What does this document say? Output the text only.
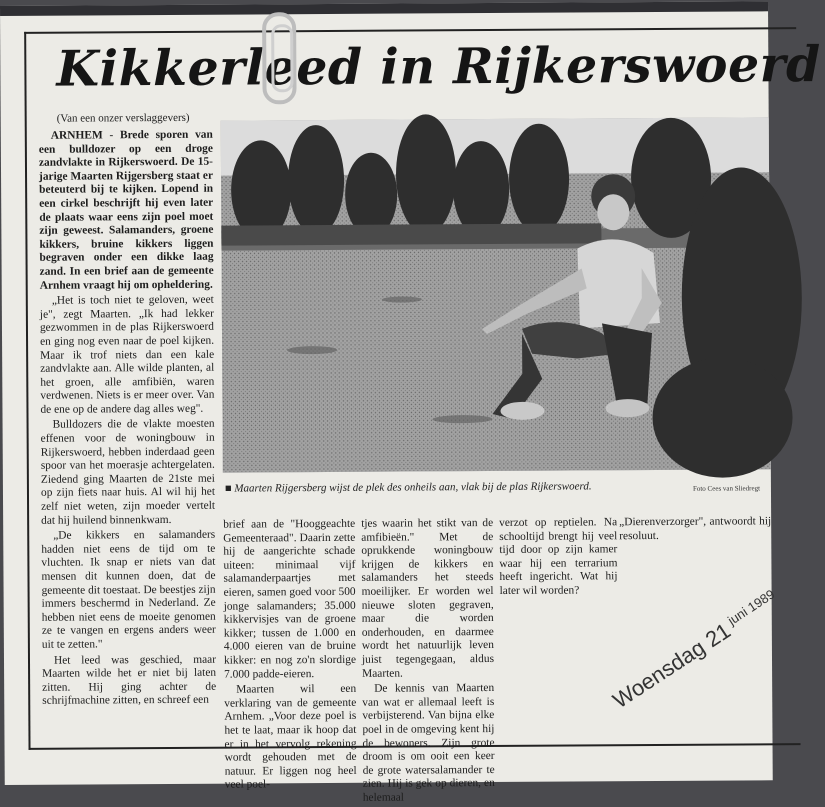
Kikkerleed in Rijkerswoerd
(Van een onzer verslaggevers)

ARNHEM - Brede sporen van een bulldozer op een droge zandvlakte in Rijkerswoerd. De 15-jarige Maarten Rijgersberg staat er beteuterd bij te kijken. Lopend in een cirkel beschrijft hij even later de plaats waar eens zijn poel moet zijn geweest. Salamanders, groene kikkers, bruine kikkers liggen begraven onder een dikke laag zand. In een brief aan de gemeente Arnhem vraagt hij om opheldering.

„Het is toch niet te geloven, weet je", zegt Maarten. „Ik had lekker gezwommen in de plas Rijkerswoerd en ging nog even naar de poel kijken. Maar ik trof niets dan een kale zandvlakte aan. Alle wilde planten, al het groen, alle amfibiën, waren verdwenen. Niets is er meer over. Van de ene op de andere dag alles weg".

Bulldozers die de vlakte moesten effenen voor de woningbouw in Rijkerswoerd, hebben inderdaad geen spoor van het moerasje achtergelaten. Ziedend ging Maarten de 21ste mei op zijn fiets naar huis. Al wil hij het zelf niet weten, zijn moeder vertelt dat hij huilend binnenkwam.

„De kikkers en salamanders hadden niet eens de tijd om te vluchten. Ik snap er niets van dat mensen dit kunnen doen, dat de gemeente dit toestaat. De beestjes zijn immers beschermd in Nederland. Ze hebben niet eens de moeite genomen ze te vangen en ergens anders weer uit te zetten."

Het leed was geschied, maar Maarten wilde het er niet bij laten zitten. Hij ging achter de schrijfmachine zitten, en schreef een

■ Maarten Rijgersberg wijst de plek des onheils aan, vlak bij de plas Rijkerswoerd.	Foto Cees van Sliedregt

brief aan de "Hooggeachte Gemeenteraad". Daarin zette hij de aangerichte schade uiteen: minimaal vijf salamanderpaartjes met eieren, samen goed voor 500 jonge salamanders; 35.000 kikkervisjes van de groene kikker; tussen de 1.000 en 4.000 eieren van de bruine kikker: en nog zo'n slordige 7.000 padde-eieren.

Maarten wil een verklaring van de gemeente Arnhem. „Voor deze poel is het te laat, maar ik hoop dat er in het vervolg rekening wordt gehouden met de natuur. Er liggen nog heel veel poel-

tjes waarin het stikt van de amfibieën." Met de oprukkende woningbouw krijgen de kikkers en salamanders het steeds moeilijker. Er worden wel nieuwe sloten gegraven, maar die worden onderhouden, en daarmee wordt het natuurlijk leven juist tegengegaan, aldus Maarten.

De kennis van Maarten van wat er allemaal leeft is verbijsterend. Van bijna elke poel in de omgeving kent hij de bewoners. Zijn grote droom is om ooit een keer de grote watersalamander te zien. Hij is gek op dieren, en helemaal

verzot op reptielen. Na schooltijd brengt hij veel tijd door op zijn kamer waar hij een terrarium heeft ingericht. Wat hij later wil worden?

„Dierenverzorger", antwoordt hij resoluut.

Woensdag 21 $^{juni 1989}$
